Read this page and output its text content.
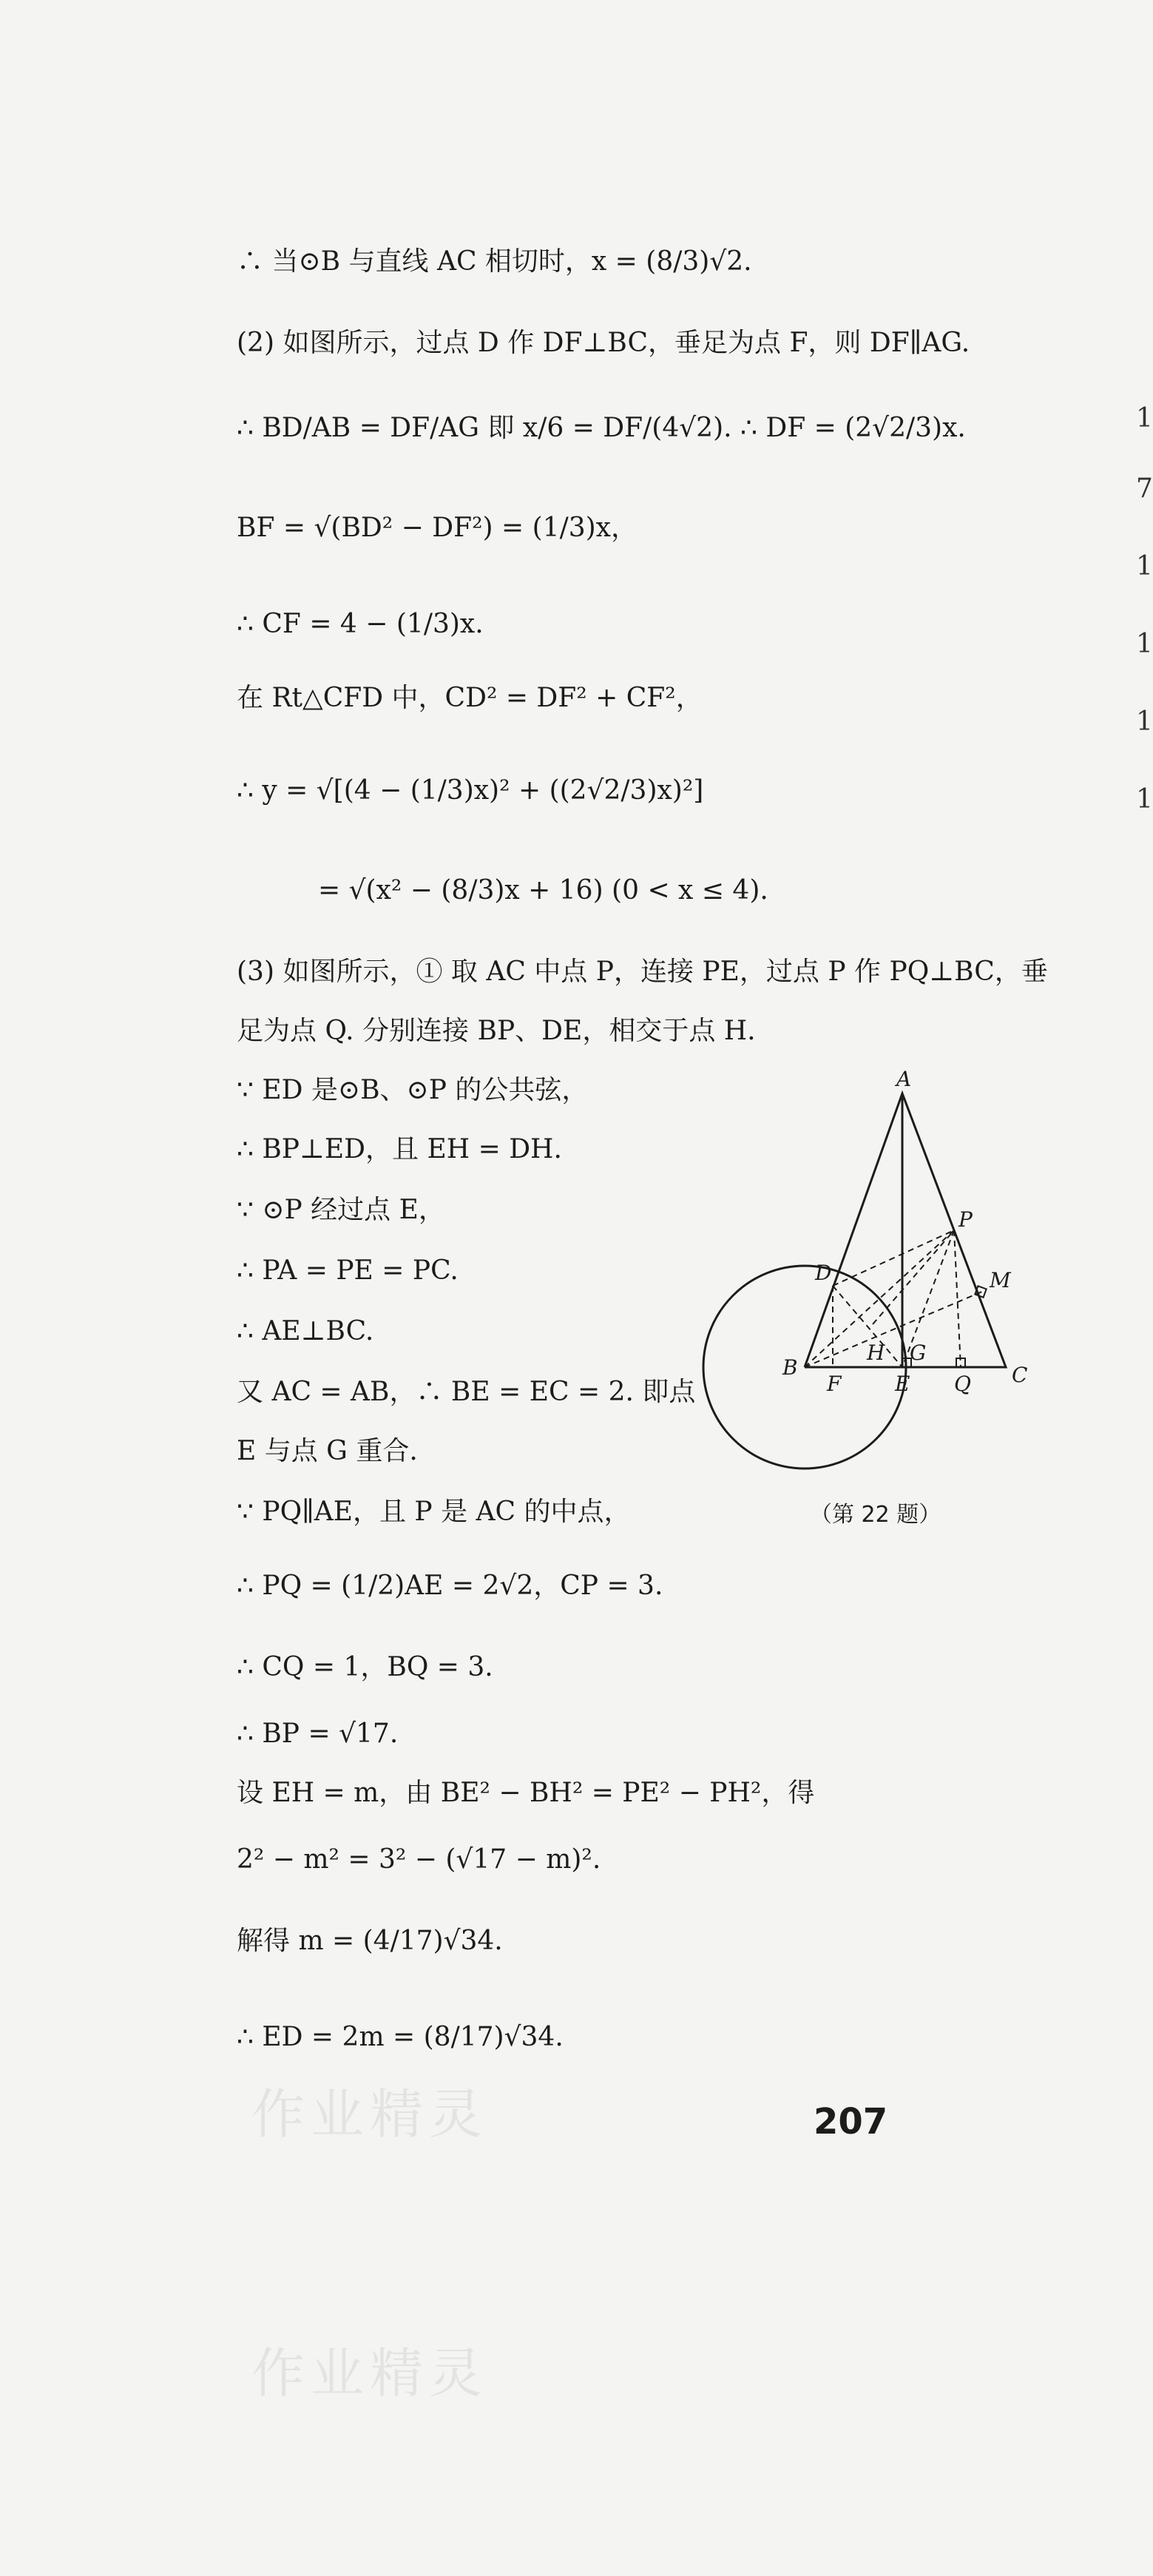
∴ 当⊙B 与直线 AC 相切时，x = (8/3)√2.
(2) 如图所示，过点 D 作 DF⊥BC，垂足为点 F，则 DF∥AG.
∴ BD/AB = DF/AG 即 x/6 = DF/(4√2). ∴ DF = (2√2/3)x.
BF = √(BD² − DF²) = (1/3)x，
∴ CF = 4 − (1/3)x.
在 Rt△CFD 中，CD² = DF² + CF²，
∴ y = √[(4 − (1/3)x)² + ((2√2/3)x)²]
= √(x² − (8/3)x + 16) (0 < x ≤ 4).
(3) 如图所示，① 取 AC 中点 P，连接 PE，过点 P 作 PQ⊥BC，垂
足为点 Q. 分别连接 BP、DE，相交于点 H.
∵ ED 是⊙B、⊙P 的公共弦，
∴ BP⊥ED，且 EH = DH.
∵ ⊙P 经过点 E，
∴ PA = PE = PC.
∴ AE⊥BC.
又 AC = AB，∴ BE = EC = 2. 即点
E 与点 G 重合.
∵ PQ∥AE，且 P 是 AC 的中点，
∴ PQ = (1/2)AE = 2√2，CP = 3.
∴ CQ = 1，BQ = 3.
∴ BP = √17.
设 EH = m，由 BE² − BH² = PE² − PH²，得
2² − m² = 3² − (√17 − m)².
解得 m = (4/17)√34.
∴ ED = 2m = (8/17)√34.
1
7
1
1
1
1
A
B	C
D
E
F
G
H
M
P
Q
（第 22 题）
207
作业精灵
作业精灵
